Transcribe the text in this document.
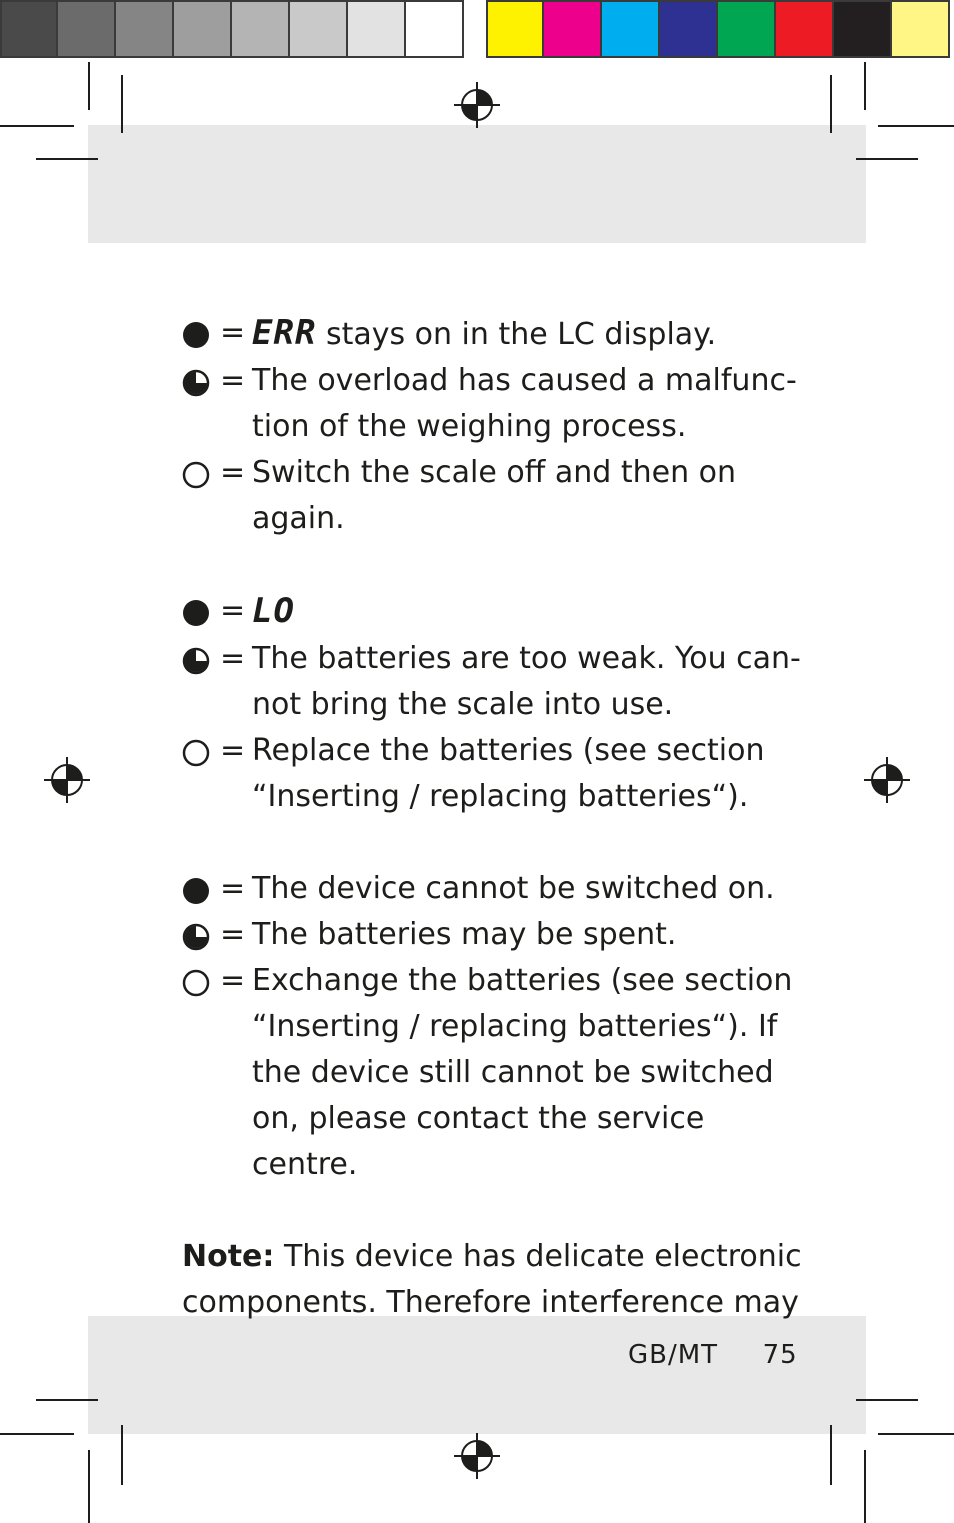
= ERR stays on in the LC display.
= The overload has caused a malfunc-tion of the weighing process.
= Switch the scale off and then on again.
= LO
= The batteries are too weak. You can-not bring the scale into use.
= Replace the batteries (see section “Inserting / replacing batteries“).
= The device cannot be switched on.
= The batteries may be spent.
= Exchange the batteries (see section “Inserting / replacing batteries“). If the device still cannot be switched on, please contact the service centre.
Note: This device has delicate electronic components. Therefore interference may
GB/MT 75
